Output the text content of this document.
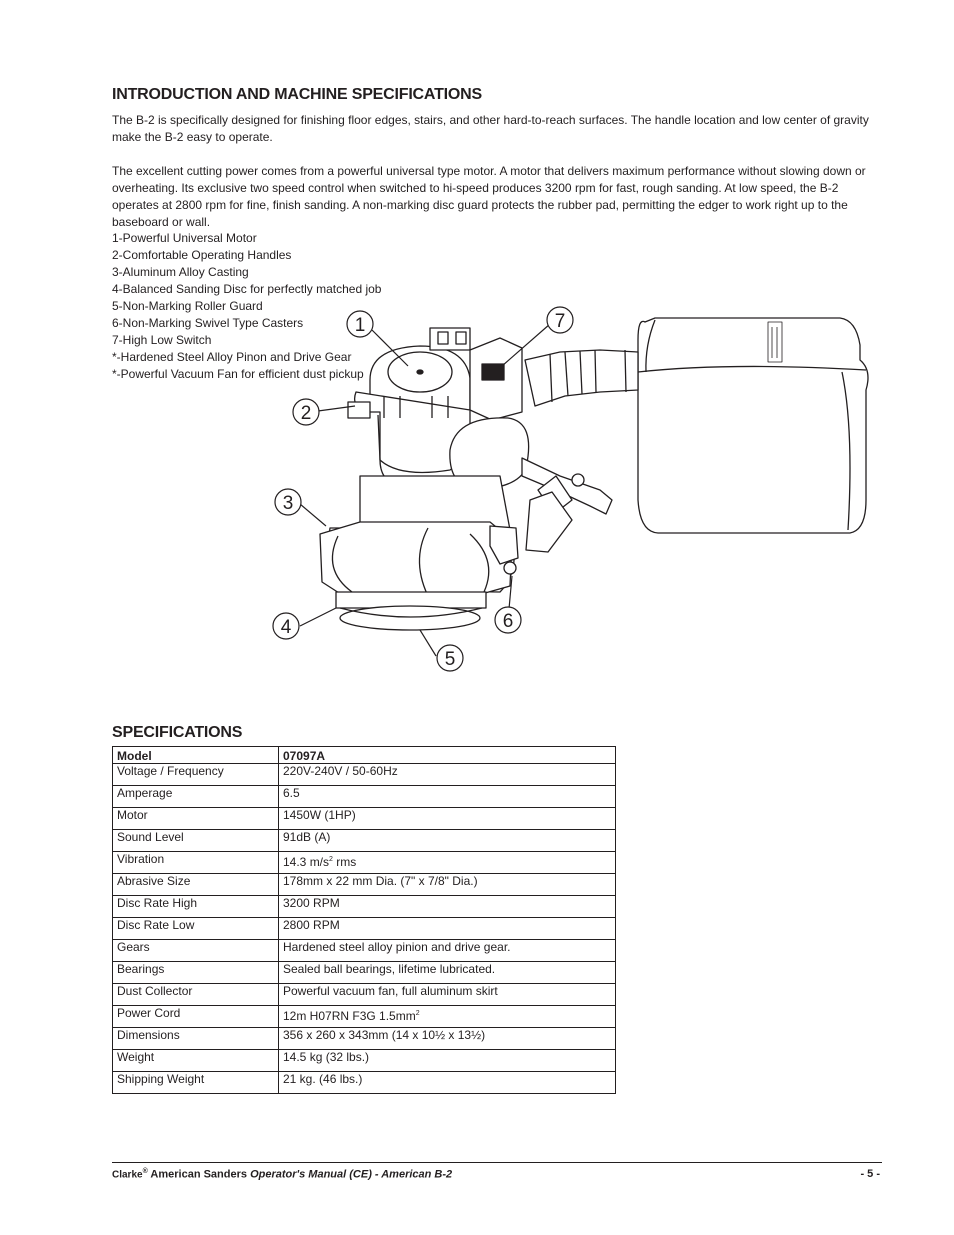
INTRODUCTION AND MACHINE SPECIFICATIONS

The B-2 is specifically designed for finishing floor edges, stairs, and other hard-to-reach surfaces. The handle location and low center of gravity make the B-2 easy to operate.

The excellent cutting power comes from a powerful universal type motor. A motor that delivers maximum performance without slowing down or overheating. Its exclusive two speed control when switched to hi-speed produces 3200 rpm for fast, rough sanding. At low speed, the B-2 operates at 2800 rpm for fine, finish sanding. A non-marking disc guard protects the rubber pad, permitting the edger to work right up to the baseboard or wall.

1-Powerful Universal Motor
2-Comfortable Operating Handles
3-Aluminum Alloy Casting
4-Balanced Sanding Disc for perfectly matched job
5-Non-Marking Roller Guard
6-Non-Marking Swivel Type Casters
7-High Low Switch
*-Hardened Steel Alloy Pinon and Drive Gear
*-Powerful Vacuum Fan for efficient dust pickup
1
2
3
4
5
6
7
SPECIFICATIONS
Model	07097A
Voltage / Frequency	220V-240V / 50-60Hz
Amperage	6.5
Motor	1450W (1HP)
Sound Level	91dB (A)
Vibration	14.3 $m/s^2$ rms
Abrasive Size	178mm x 22 mm Dia. (7" x 7/8" Dia.)
Disc Rate High	3200 RPM
Disc Rate Low	2800 RPM
Gears	Hardened steel alloy pinion and drive gear.
Bearings	Sealed ball bearings, lifetime lubricated.
Dust Collector	Powerful vacuum fan, full aluminum skirt
Power Cord	12m H07RN F3G $1.5mm^2$
Dimensions	356 x 260 x 343mm (14 x 10½ x 13½)
Weight	14.5 kg (32 lbs.)
Shipping Weight	21 kg. (46 lbs.)
Clarke® American Sanders Operator's Manual (CE) - American B-2	- 5 -
